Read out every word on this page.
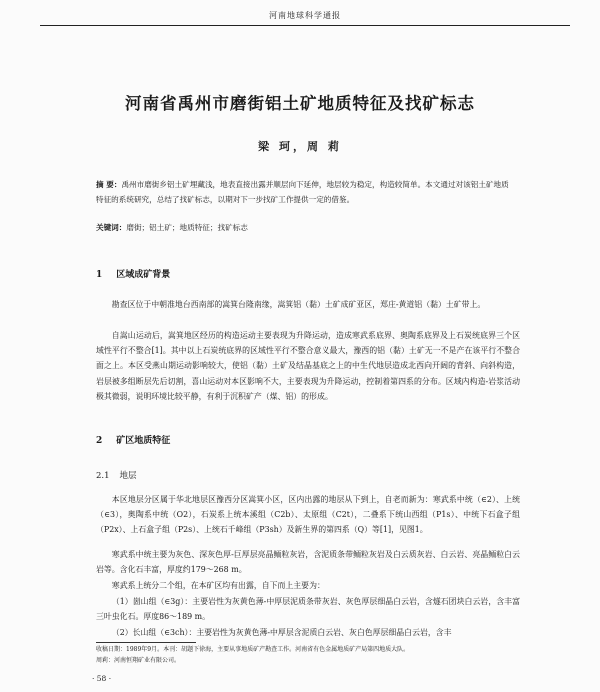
河南地球科学通报
河南省禹州市磨街铝土矿地质特征及找矿标志
梁 珂，周 莉
摘 要：禹州市磨街乡铝土矿埋藏浅，地表直接出露并顺层向下延伸，地层较为稳定，构造较简单。本文通过对该铝土矿地质特征的系统研究，总结了找矿标志，以期对下一步找矿工作提供一定的借鉴。
关键词：磨街；铝土矿；地质特征；找矿标志
1 区域成矿背景
勘查区位于中朝准地台西南部的嵩箕台隆南缘，嵩箕铝（黏）土矿成矿亚区，郑庄-黄道铝（黏）土矿带上。
自嵩山运动后，嵩箕地区经历的构造运动主要表现为升降运动，造成寒武系底界、奥陶系底界及上石炭统底界三个区域性平行不整合[1]。其中以上石炭统底界的区域性平行不整合意义最大，豫西的铝（黏）土矿无一不是产在该平行不整合面之上。本区受燕山期运动影响较大，使铝（黏）土矿及结晶基底之上的中生代地层造成北西向开阔的背斜、向斜构造，岩层被多组断层先后切割，喜山运动对本区影响不大，主要表现为升降运动，控制着第四系的分布。区域内构造-岩浆活动极其微弱，说明环境比较平静，有利于沉积矿产（煤、铝）的形成。
2 矿区地质特征
2.1 地层
本区地层分区属于华北地层区豫西分区嵩箕小区，区内出露的地层从下到上，自老而新为：寒武系中统（∈2）、上统（∈3），奥陶系中统（O2），石炭系上统本溪组（C2b）、太原组（C2t），二叠系下统山西组（P1s）、中统下石盒子组（P2x）、上石盒子组（P2s）、上统石千峰组（P3sh）及新生界的第四系（Q）等[1]，见图1。
寒武系中统主要为灰色、深灰色厚-巨厚层亮晶鲕粒灰岩，含泥质条带鲕粒灰岩及白云质灰岩、白云岩、亮晶鲕粒白云岩等。含化石丰富，厚度约179～268 m。
寒武系上统分二个组，在本矿区均有出露，自下而上主要为：
（1）崮山组（∈3g）：主要岩性为灰黄色薄-中厚层泥质条带灰岩、灰色厚层细晶白云岩，含燧石团块白云岩，含丰富三叶虫化石。厚度86～189 m。
（2）长山组（∈3ch）：主要岩性为灰黄色薄-中厚层含泥质白云岩、灰白色厚层细晶白云岩，含丰
收稿日期：1989年9月。本刊：胡题下徐海，主要从事地质矿产勘查工作。河南省有色金属地质矿产局第四地质大队。
周莉：河南恒翔矿业有限公司。
· 58 ·
